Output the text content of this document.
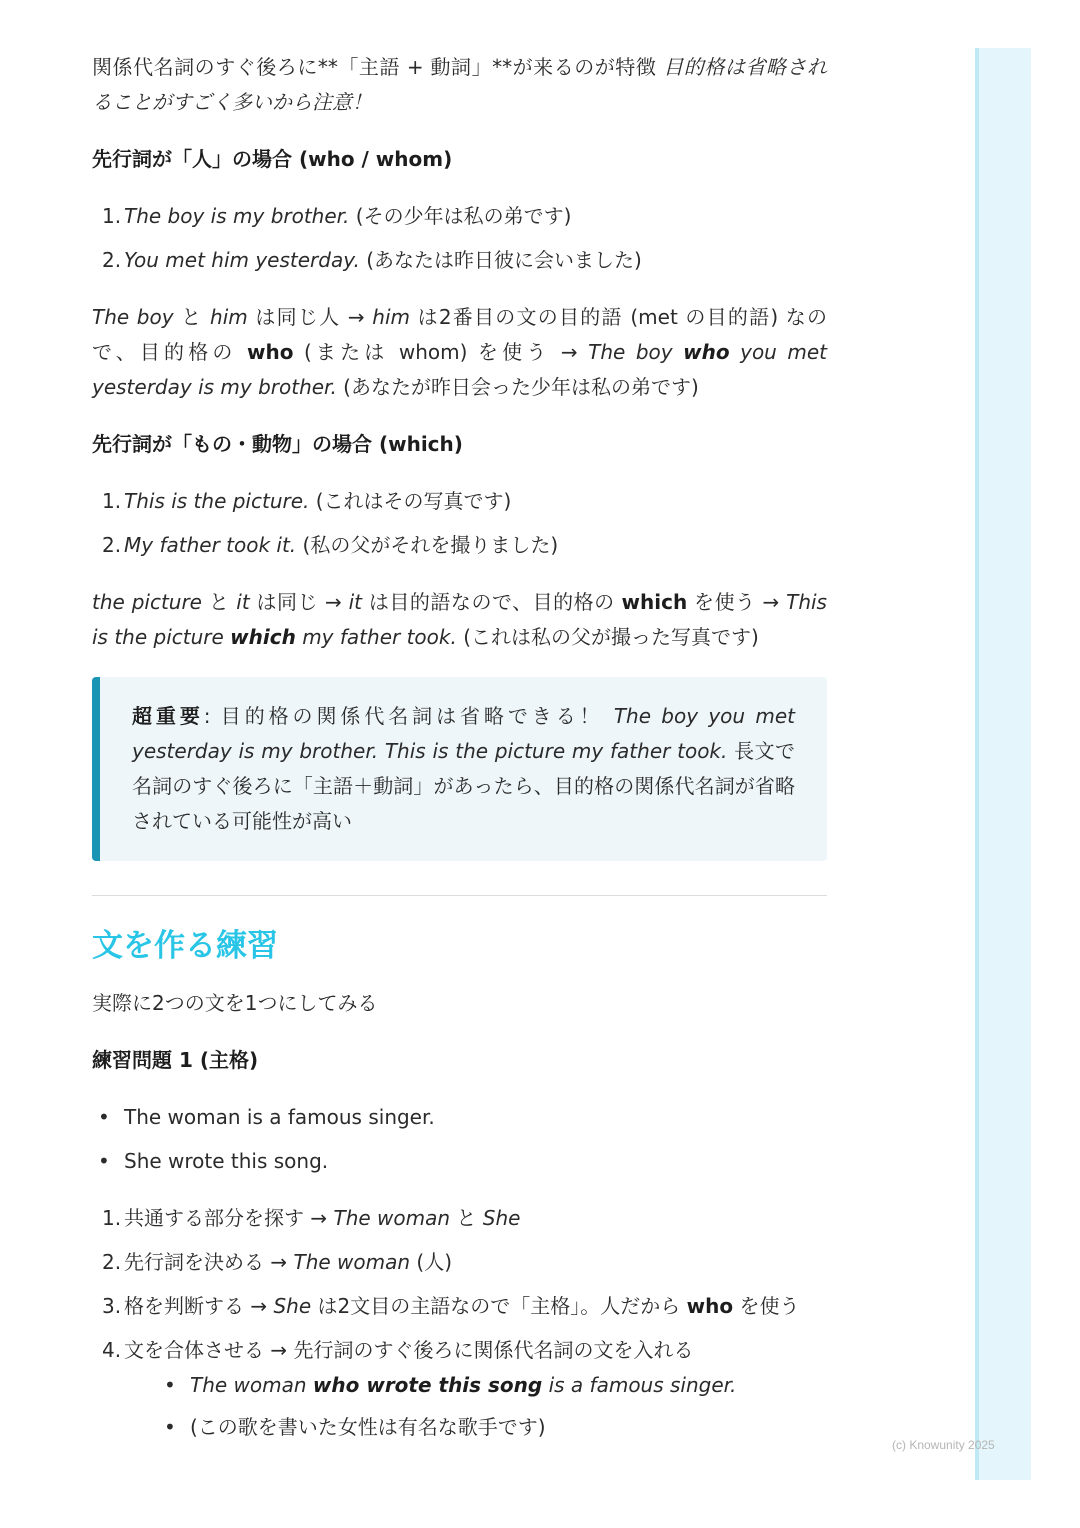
関係代名詞のすぐ後ろに**「主語 + 動詞」**が来るのが特徴 目的格は省略されることがすごく多いから注意！

先行詞が「人」の場合 (who / whom)

1. The boy is my brother. (その少年は私の弟です)
2. You met him yesterday. (あなたは昨日彼に会いました)

The boy と him は同じ人 → him は2番目の文の目的語 (met の目的語) なので、目的格の who (または whom) を使う → The boy who you met yesterday is my brother. (あなたが昨日会った少年は私の弟です)

先行詞が「もの・動物」の場合 (which)

1. This is the picture. (これはその写真です)
2. My father took it. (私の父がそれを撮りました)

the picture と it は同じ → it は目的語なので、目的格の which を使う → This is the picture which my father took. (これは私の父が撮った写真です)

超重要: 目的格の関係代名詞は省略できる！ The boy you met yesterday is my brother. This is the picture my father took. 長文で名詞のすぐ後ろに「主語＋動詞」があったら、目的格の関係代名詞が省略されている可能性が高い

文を作る練習

実際に2つの文を1つにしてみる

練習問題 1 (主格)

• The woman is a famous singer.
• She wrote this song.
1. 共通する部分を探す → The woman と She
2. 先行詞を決める → The woman (人)
3. 格を判断する → She は2文目の主語なので「主格」。人だから who を使う
4. 文を合体させる → 先行詞のすぐ後ろに関係代名詞の文を入れる
• The woman who wrote this song is a famous singer.
• (この歌を書いた女性は有名な歌手です)
(c) Knowunity 2025
